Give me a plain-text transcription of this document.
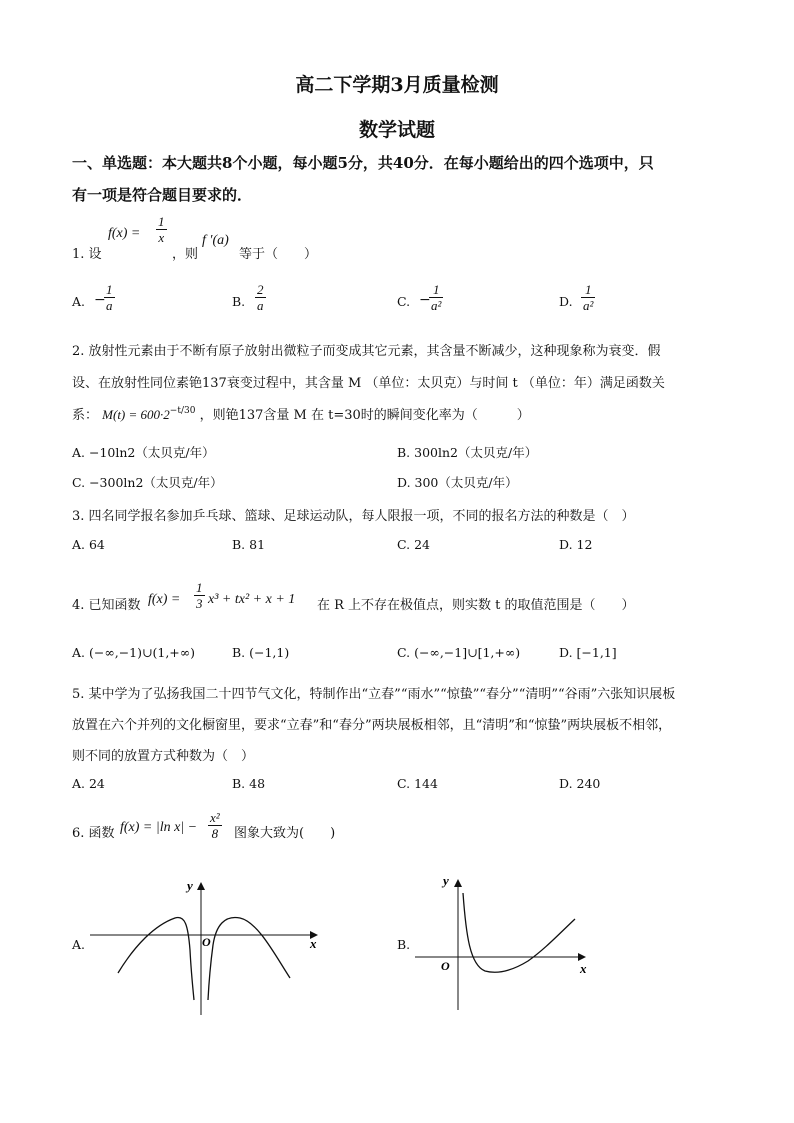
高二下学期3月质量检测
数学试题
一、单选题：本大题共8个小题，每小题5分，共40分．在每小题给出的四个选项中，只
有一项是符合题目要求的．
1. 设
$f(x) = \frac{1}{x}$
，则
f ′(a)
等于（　　）
A. −
$\frac{1}{a}$	B. $\frac{2}{a}$	C. −
$\frac{1}{\text{a²}}$	D. $\frac{1}{\text{a²}}$
2. 放射性元素由于不断有原子放射出微粒子而变成其它元素，其含量不断减少，这种现象称为衰变．假
设、在放射性同位素铯137衰变过程中，其含量 M （单位：太贝克）与时间 t （单位：年）满足函数关
系： $M(t) = 600\cdot 2^{-t/30}$ ，则铯137含量 M 在 t=30时的瞬间变化率为（　　　）
A. −10ln2（太贝克/年）	B. 300ln2（太贝克/年）
C. −300ln2（太贝克/年）	D. 300（太贝克/年）
3. 四名同学报名参加乒乓球、篮球、足球运动队，每人限报一项，不同的报名方法的种数是（　）
A. 64	B. 81	C. 24	D. 12
4. 已知函数 $f(x) = \frac{1}{3} x^3 + tx^2 + x + 1$ 在 R 上不存在极值点，则实数 t 的取值范围是（　　）
A. (−∞,−1)∪(1,+∞)	B. (−1,1)	C. (−∞,−1]∪[1,+∞)	D. [−1,1]
5. 某中学为了弘扬我国二十四节气文化，特制作出“立春”“雨水”“惊蛰”“春分”“清明”“谷雨”六张知识展板
放置在六个并列的文化橱窗里，要求“立春”和“春分”两块展板相邻，且“清明”和“惊蛰”两块展板不相邻，
则不同的放置方式种数为（　）
A. 24	B. 48	C. 144	D. 240
6. 函数 f(x) = |ln $x| - \frac{\text{x²}}{8}$ 图象大致为(　　)
A.
y
x
O	B.
y
x
O
